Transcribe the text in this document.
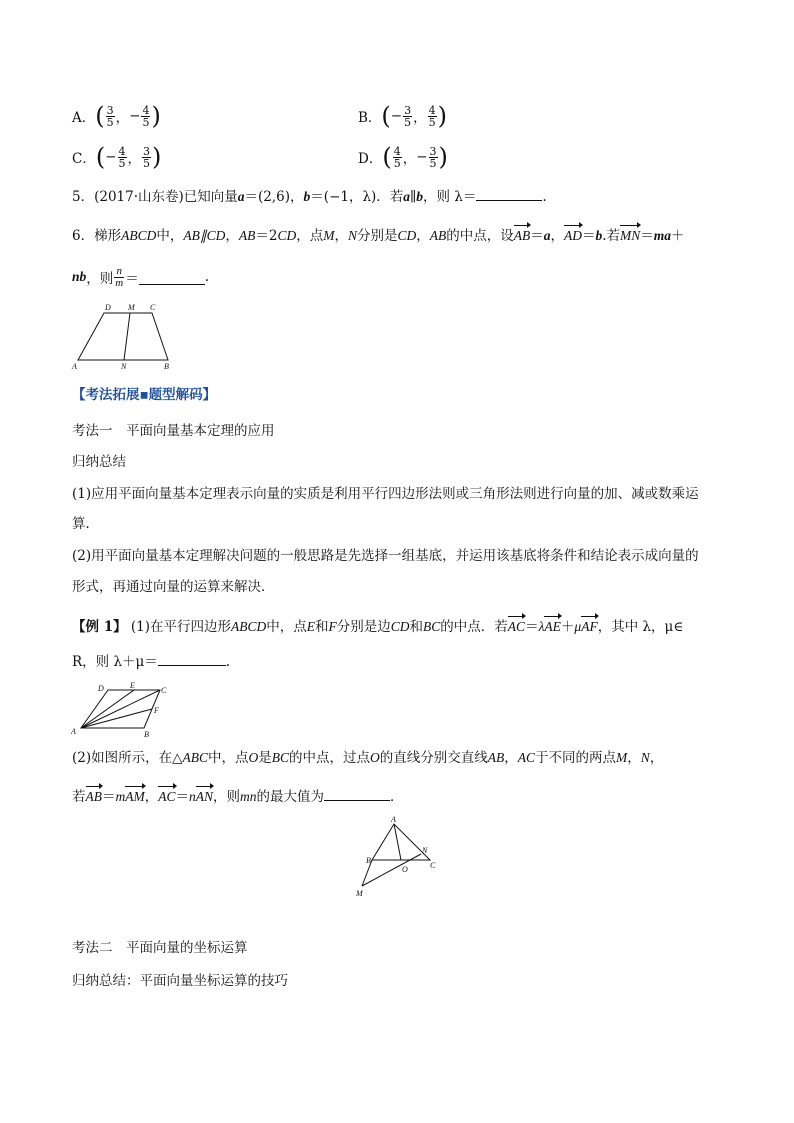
A． ( $\frac{3}{5}$ ， − $\frac{4}{5}$ )	B． ( − $\frac{3}{5}$ ， $\frac{4}{5}$ )
C． ( − $\frac{4}{5}$ ， $\frac{3}{5}$ )	D． ( $\frac{4}{5}$ ， − $\frac{3}{5}$ )
5．(2017·山东卷)已知向量a＝(2,6)，b＝(−1，λ)．若a∥b，则 λ＝	.
6．梯形ABCD中，AB∥CD，AB＝2CD，点M，N分别是CD，AB的中点，设AB＝a，AD＝b.若MN＝ma＋
nb ，则 $\frac{n}{m}$ ＝	.
D M C
A	N	B
【考法拓展▪题型解码】
考法一　平面向量基本定理的应用
归纳总结
(1)应用平面向量基本定理表示向量的实质是利用平行四边形法则或三角形法则进行向量的加、减或数乘运
算．
(2)用平面向量基本定理解决问题的一般思路是先选择一组基底，并运用该基底将条件和结论表示成向量的
形式，再通过向量的运算来解决．
【例 1】 (1)在平行四边形ABCD中，点E和F分别是边CD和BC的中点．若AC＝λAE＋μAF，其中 λ，μ∈
R，则 λ＋μ＝	.
D	E
C
F
A	B
(2)如图所示，在△ABC中，点O是BC的中点，过点O的直线分别交直线AB，AC于不同的两点M，N，
若AB＝mAM，AC＝nAN，则mn的最大值为	．
A
B
N
O	C
M
考法二　平面向量的坐标运算
归纳总结：平面向量坐标运算的技巧
